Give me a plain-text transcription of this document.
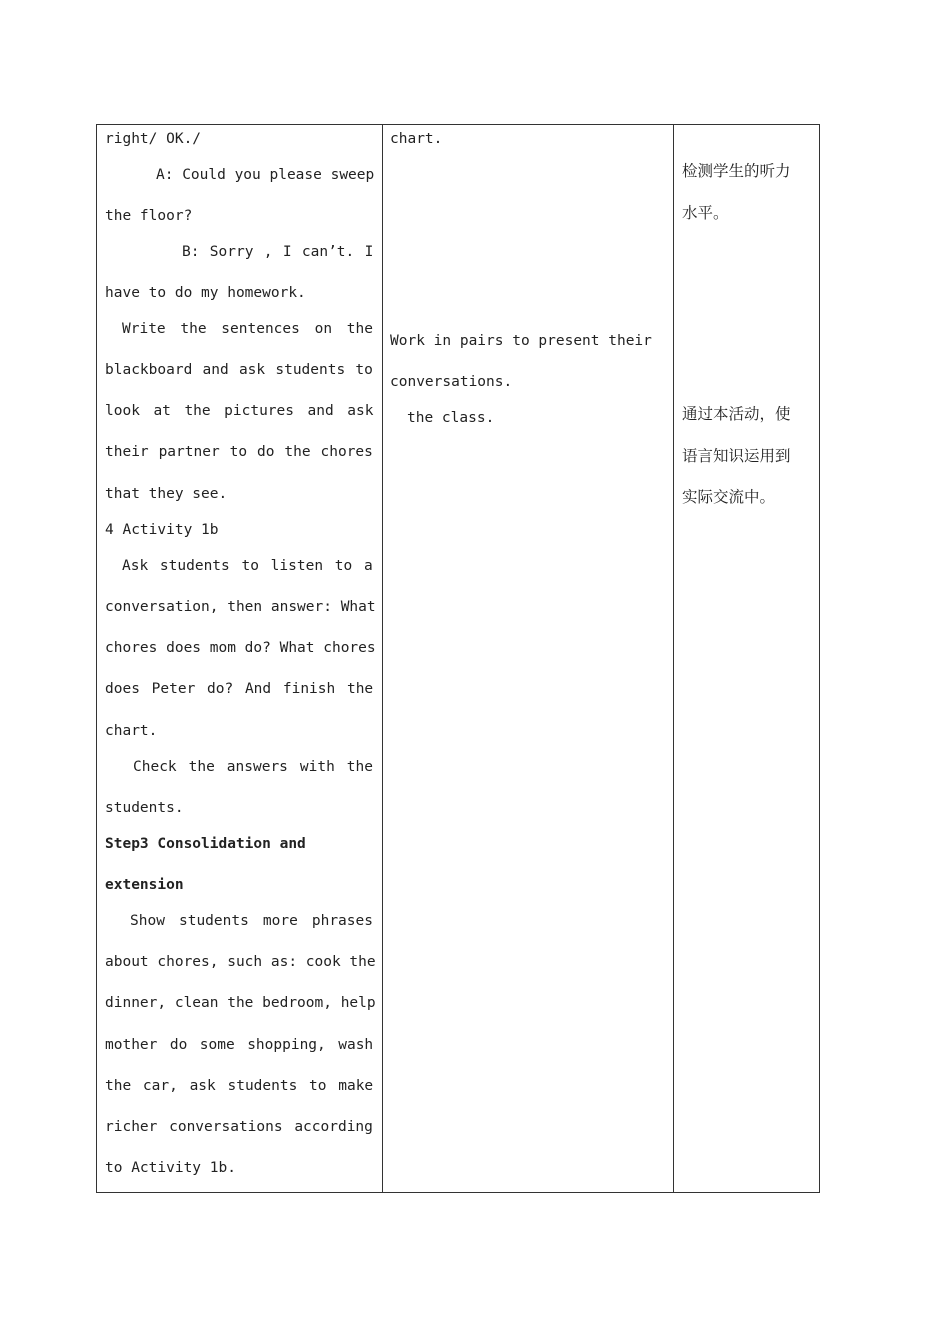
right/ OK./
A: Could you please sweep
the floor?
B: Sorry , I can’t. I
have to do my homework.
Write the sentences on the
blackboard and ask students to
look at the pictures and ask
their partner to do the chores
that they see.
4 Activity 1b
Ask students to listen to a
conversation, then answer: What
chores does mom do? What chores
does Peter do? And finish the
chart.
Check the answers with the
students.
Step3 Consolidation and
extension
Show students more phrases
about chores, such as: cook the
dinner, clean the bedroom, help
mother do some shopping, wash
the car, ask students to make
richer conversations according
to Activity 1b.
chart.
Work in pairs to present their
conversations.
the class.
检测学生的听力
水平。
通过本活动，使
语言知识运用到
实际交流中。
